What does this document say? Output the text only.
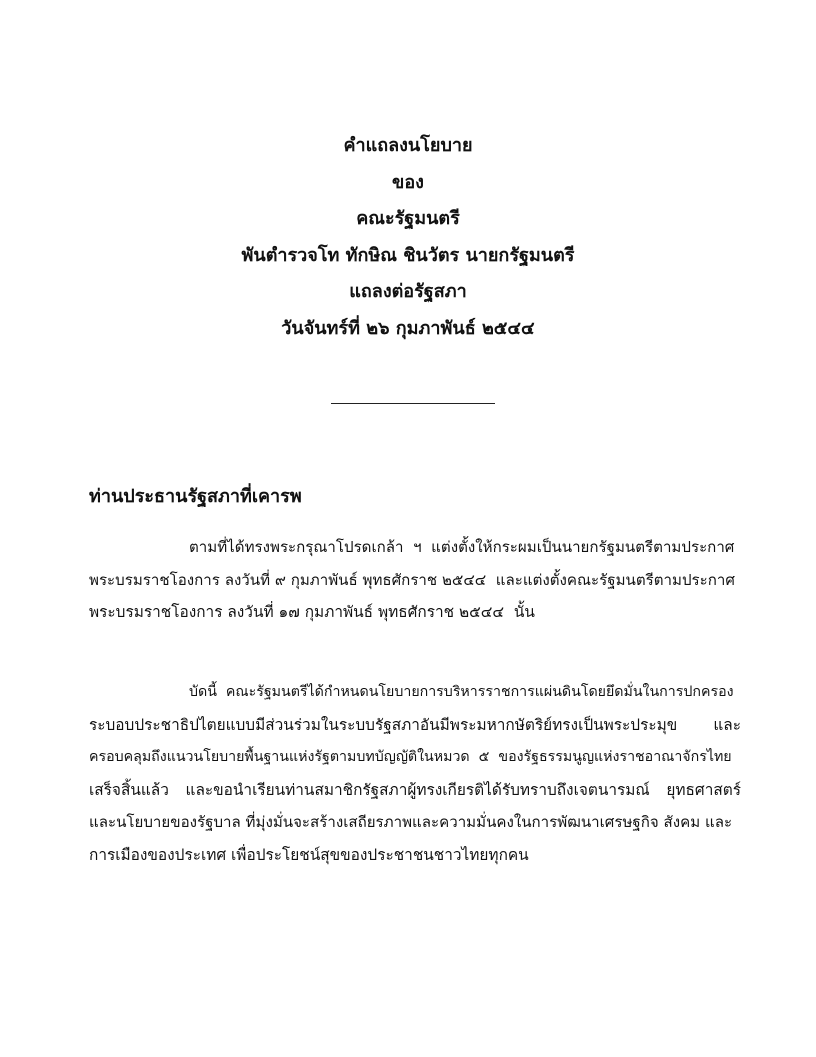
คำแถลงนโยบาย
ของ
คณะรัฐมนตรี
พันตำรวจโท ทักษิณ ชินวัตร นายกรัฐมนตรี
แถลงต่อรัฐสภา
วันจันทร์ที่ ๒๖ กุมภาพันธ์ ๒๕๔๔
ท่านประธานรัฐสภาที่เคารพ
ตามที่ได้ทรงพระกรุณาโปรดเกล้า  ฯ  แต่งตั้งให้กระผมเป็นนายกรัฐมนตรีตามประกาศ
พระบรมราชโองการ ลงวันที่ ๙ กุมภาพันธ์ พุทธศักราช ๒๕๔๔  และแต่งตั้งคณะรัฐมนตรีตามประกาศ
พระบรมราชโองการ ลงวันที่ ๑๗ กุมภาพันธ์ พุทธศักราช ๒๕๔๔  นั้น
บัดนี้  คณะรัฐมนตรีได้กำหนดนโยบายการบริหารราชการแผ่นดินโดยยึดมั่นในการปกครอง
ระบอบประชาธิปไตยแบบมีส่วนร่วมในระบบรัฐสภาอันมีพระมหากษัตริย์ทรงเป็นพระประมุข และ
ครอบคลุมถึงแนวนโยบายพื้นฐานแห่งรัฐตามบทบัญญัติในหมวด  ๕  ของรัฐธรรมนูญแห่งราชอาณาจักรไทย
เสร็จสิ้นแล้ว และขอนำเรียนท่านสมาชิกรัฐสภาผู้ทรงเกียรติได้รับทราบถึงเจตนารมณ์ ยุทธศาสตร์
และนโยบายของรัฐบาล ที่มุ่งมั่นจะสร้างเสถียรภาพและความมั่นคงในการพัฒนาเศรษฐกิจ สังคม และ
การเมืองของประเทศ เพื่อประโยชน์สุขของประชาชนชาวไทยทุกคน
